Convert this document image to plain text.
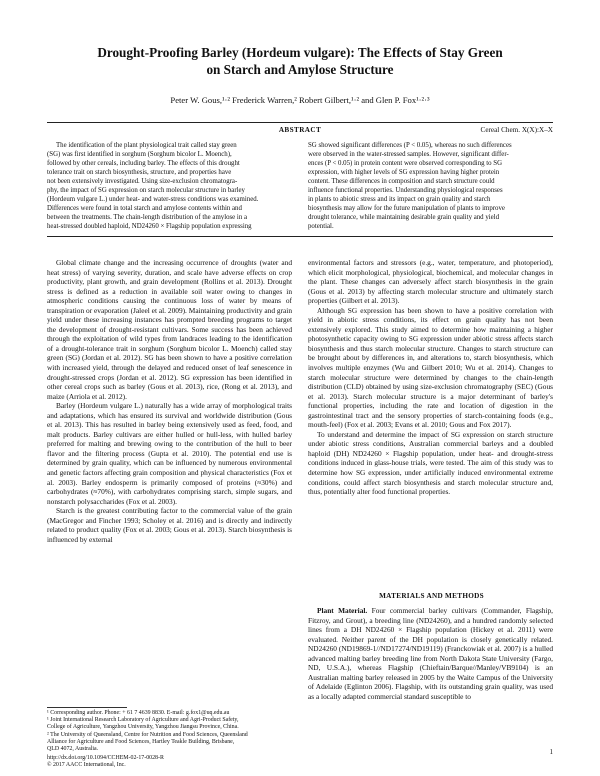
Drought-Proofing Barley (Hordeum vulgare): The Effects of Stay Green
on Starch and Amylose Structure
Peter W. Gous,¹·² Frederick Warren,² Robert Gilbert,¹·² and Glen P. Fox¹·²·³
ABSTRACT	Cereal Chem. X(X):X–X
The identification of the plant physiological trait called stay green
(SG) was first identified in sorghum (Sorghum bicolor L. Moench),
followed by other cereals, including barley. The effects of this drought
tolerance trait on starch biosynthesis, structure, and properties have
not been extensively investigated. Using size-exclusion chromatogra-
phy, the impact of SG expression on starch molecular structure in barley
(Hordeum vulgare L.) under heat- and water-stress conditions was examined.
Differences were found in total starch and amylose contents within and
between the treatments. The chain-length distribution of the amylose in a
heat-stressed doubled haploid, ND24260 × Flagship population expressing
SG showed significant differences (P < 0.05), whereas no such differences
were observed in the water-stressed samples. However, significant differ-
ences (P < 0.05) in protein content were observed corresponding to SG
expression, with higher levels of SG expression having higher protein
content. These differences in composition and starch structure could
influence functional properties. Understanding physiological responses
in plants to abiotic stress and its impact on grain quality and starch
biosynthesis may allow for the future manipulation of plants to improve
drought tolerance, while maintaining desirable grain quality and yield
potential.

Global climate change and the increasing occurrence of droughts (water and heat stress) of varying severity, duration, and scale have adverse effects on crop productivity, plant growth, and grain development (Rollins et al. 2013). Drought stress is defined as a reduction in available soil water owing to changes in atmospheric conditions causing the continuous loss of water by means of transpiration or evaporation (Jaleel et al. 2009). Maintaining productivity and grain yield under these increasing instances has prompted breeding programs to target the development of drought-resistant cultivars. Some success has been achieved through the exploitation of wild types from landraces leading to the identification of a drought-tolerance trait in sorghum (Sorghum bicolor L. Moench) called stay green (SG) (Jordan et al. 2012). SG has been shown to have a positive correlation with increased yield, through the delayed and reduced onset of leaf senescence in drought-stressed crops (Jordan et al. 2012). SG expression has been identified in other cereal crops such as barley (Gous et al. 2013), rice, (Rong et al. 2013), and maize (Arriola et al. 2012).

Barley (Hordeum vulgare L.) naturally has a wide array of morphological traits and adaptations, which has ensured its survival and worldwide distribution (Gous et al. 2013). This has resulted in barley being extensively used as feed, food, and malt products. Barley cultivars are either hulled or hull-less, with hulled barley preferred for malting and brewing owing to the contribution of the hull to beer flavor and the filtering process (Gupta et al. 2010). The potential end use is determined by grain quality, which can be influenced by numerous environmental and genetic factors affecting grain composition and physical characteristics (Fox et al. 2003). Barley endosperm is primarily composed of proteins (≈30%) and carbohydrates (≈70%), with carbohydrates comprising starch, simple sugars, and nonstarch polysaccharides (Fox et al. 2003).

Starch is the greatest contributing factor to the commercial value of the grain (MacGregor and Fincher 1993; Scholey et al. 2016) and is directly and indirectly related to product quality (Fox et al. 2003; Gous et al. 2013). Starch biosynthesis is influenced by external

environmental factors and stressors (e.g., water, temperature, and photoperiod), which elicit morphological, physiological, biochemical, and molecular changes in the plant. These changes can adversely affect starch biosynthesis in the grain (Gous et al. 2013) by affecting starch molecular structure and ultimately starch properties (Gilbert et al. 2013).

Although SG expression has been shown to have a positive correlation with yield in abiotic stress conditions, its effect on grain quality has not been extensively explored. This study aimed to determine how maintaining a higher photosynthetic capacity owing to SG expression under abiotic stress affects starch biosynthesis and thus starch molecular structure. Changes to starch structure can be brought about by differences in, and alterations to, starch biosynthesis, which involves multiple enzymes (Wu and Gilbert 2010; Wu et al. 2014). Changes to starch molecular structure were determined by changes to the chain-length distribution (CLD) obtained by using size-exclusion chromatography (SEC) (Gous et al. 2013). Starch molecular structure is a major determinant of barley's functional properties, including the rate and location of digestion in the gastrointestinal tract and the sensory properties of starch-containing foods (e.g., mouth-feel) (Fox et al. 2003; Evans et al. 2010; Gous and Fox 2017).

To understand and determine the impact of SG expression on starch structure under abiotic stress conditions, Australian commercial barleys and a doubled haploid (DH) ND24260 × Flagship population, under heat- and drought-stress conditions induced in glass-house trials, were tested. The aim of this study was to determine how SG expression, under artificially induced environmental extreme conditions, could affect starch biosynthesis and starch molecular structure and, thus, potentially alter food functional properties.

MATERIALS AND METHODS

Plant Material. Four commercial barley cultivars (Commander, Flagship, Fitzroy, and Grout), a breeding line (ND24260), and a hundred randomly selected lines from a DH ND24260 × Flagship population (Hickey et al. 2011) were evaluated. Neither parent of the DH population is closely genetically related. ND24260 (ND19869-1//ND17274/ND19119) (Franckowiak et al. 2007) is a hulled advanced malting barley breeding line from North Dakota State University (Fargo, ND, U.S.A.), whereas Flagship (Chieftain/Barque//Manley/VB9104) is an Australian malting barley released in 2005 by the Waite Campus of the University of Adelaide (Eglinton 2006). Flagship, with its outstanding grain quality, was used as a locally adapted commercial standard susceptible to

¹ Corresponding author. Phone: + 61 7 4639 8830. E-mail: g.fox1@uq.edu.au
¹ Joint International Research Laboratory of Agriculture and Agri-Product Safety,
College of Agriculture, Yangzhou University, Yangzhou Jiangsu Province, China.
² The University of Queensland, Centre for Nutrition and Food Sciences, Queensland
Alliance for Agriculture and Food Sciences, Hartley Teakle Building, Brisbane,
QLD 4072, Australia.
http://dx.doi.org/10.1094/CCHEM-02-17-0028-R
© 2017 AACC International, Inc.
1
